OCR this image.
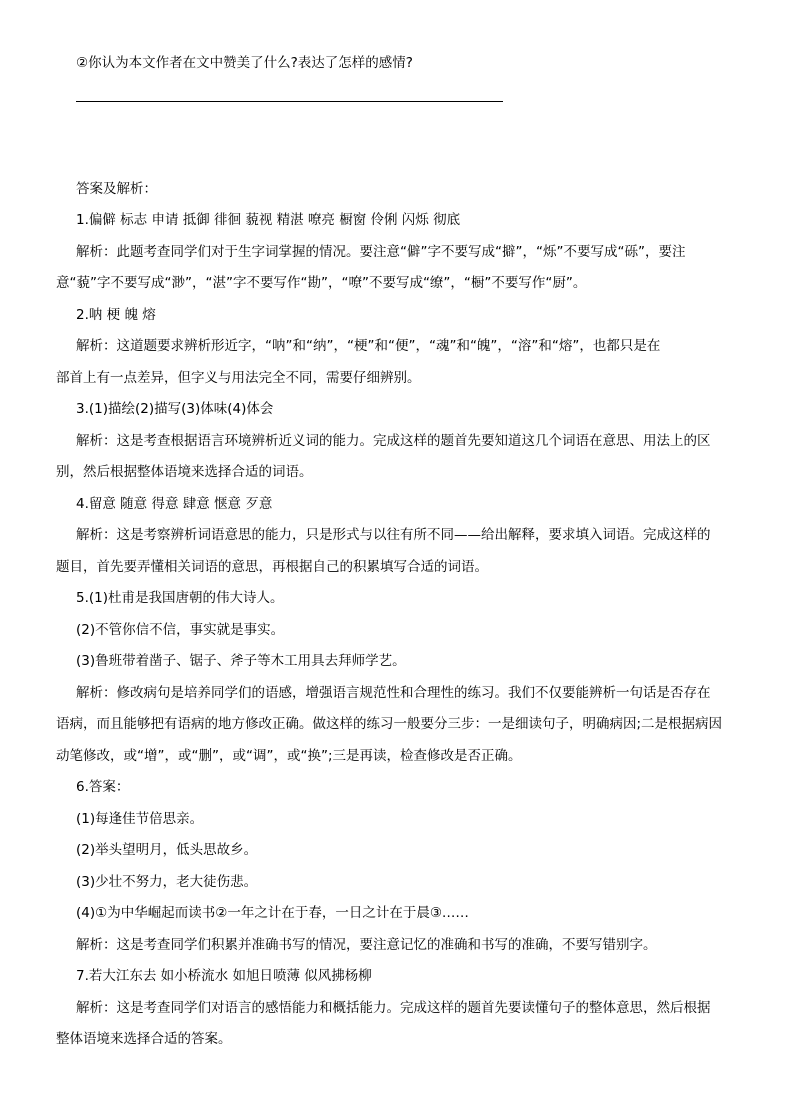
②你认为本文作者在文中赞美了什么?表达了怎样的感情?
答案及解析：
1.偏僻 标志 申请 抵御 徘徊 藐视 精湛 嘹亮 橱窗 伶俐 闪烁 彻底
解析：此题考查同学们对于生字词掌握的情况。要注意“僻”字不要写成“擗”，“烁”不要写成“砾”，要注
意“藐”字不要写成“渺”，“湛”字不要写作“勘”，“嘹”不要写成“缭”，“橱”不要写作“厨”。
2.呐 梗 魄 熔
解析：这道题要求辨析形近字，“呐”和“纳”，“梗”和“便”，“魂”和“魄”，“溶”和“熔”，也都只是在
部首上有一点差异，但字义与用法完全不同，需要仔细辨别。
3.(1)描绘(2)描写(3)体味(4)体会
解析：这是考查根据语言环境辨析近义词的能力。完成这样的题首先要知道这几个词语在意思、用法上的区
别，然后根据整体语境来选择合适的词语。
4.留意 随意 得意 肆意 惬意 歹意
解析：这是考察辨析词语意思的能力，只是形式与以往有所不同——给出解释，要求填入词语。完成这样的
题目，首先要弄懂相关词语的意思，再根据自己的积累填写合适的词语。
5.(1)杜甫是我国唐朝的伟大诗人。
(2)不管你信不信，事实就是事实。
(3)鲁班带着凿子、锯子、斧子等木工用具去拜师学艺。
解析：修改病句是培养同学们的语感，增强语言规范性和合理性的练习。我们不仅要能辨析一句话是否存在
语病，而且能够把有语病的地方修改正确。做这样的练习一般要分三步：一是细读句子，明确病因;二是根据病因
动笔修改，或“增”，或“删”，或“调”，或“换”;三是再读，检查修改是否正确。
6.答案：
(1)每逢佳节倍思亲。
(2)举头望明月，低头思故乡。
(3)少壮不努力，老大徒伤悲。
(4)①为中华崛起而读书②一年之计在于春，一日之计在于晨③……
解析：这是考查同学们积累并准确书写的情况，要注意记忆的准确和书写的准确，不要写错别字。
7.若大江东去 如小桥流水 如旭日喷薄 似风拂杨柳
解析：这是考查同学们对语言的感悟能力和概括能力。完成这样的题首先要读懂句子的整体意思，然后根据
整体语境来选择合适的答案。
